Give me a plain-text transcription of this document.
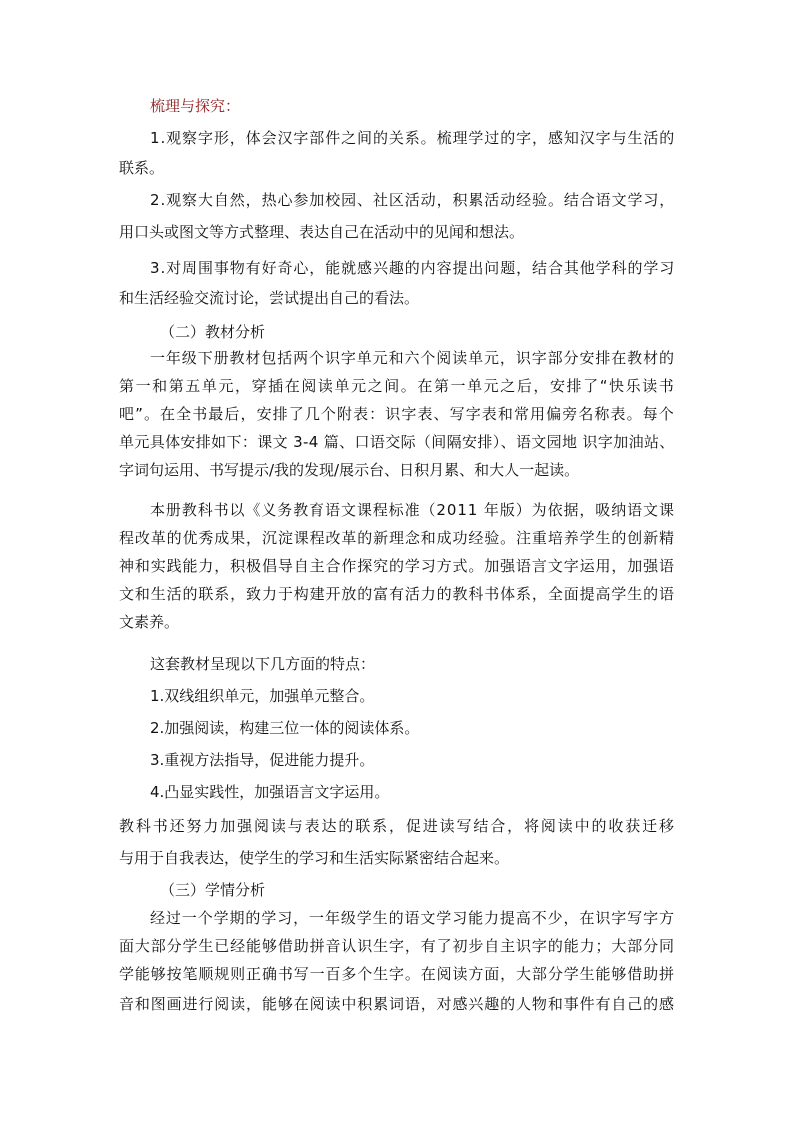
梳理与探究：
1.观察字形，体会汉字部件之间的关系。梳理学过的字，感知汉字与生活的
联系。
2.观察大自然，热心参加校园、社区活动，积累活动经验。结合语文学习，
用口头或图文等方式整理、表达自己在活动中的见闻和想法。
3.对周围事物有好奇心，能就感兴趣的内容提出问题，结合其他学科的学习
和生活经验交流讨论，尝试提出自己的看法。
（二）教材分析
一年级下册教材包括两个识字单元和六个阅读单元，识字部分安排在教材的
第一和第五单元，穿插在阅读单元之间。在第一单元之后，安排了“快乐读书
吧”。在全书最后，安排了几个附表：识字表、写字表和常用偏旁名称表。每个
单元具体安排如下：课文 3-4 篇、口语交际（间隔安排）、语文园地 识字加油站、
字词句运用、书写提示/我的发现/展示台、日积月累、和大人一起读。
本册教科书以《义务教育语文课程标准（2011 年版）为依据，吸纳语文课
程改革的优秀成果，沉淀课程改革的新理念和成功经验。注重培养学生的创新精
神和实践能力，积极倡导自主合作探究的学习方式。加强语言文字运用，加强语
文和生活的联系，致力于构建开放的富有活力的教科书体系，全面提高学生的语
文素养。
这套教材呈现以下几方面的特点：
1.双线组织单元，加强单元整合。
2.加强阅读，构建三位一体的阅读体系。
3.重视方法指导，促进能力提升。
4.凸显实践性，加强语言文字运用。
教科书还努力加强阅读与表达的联系，促进读写结合，将阅读中的收获迁移
与用于自我表达，使学生的学习和生活实际紧密结合起来。
（三）学情分析
经过一个学期的学习，一年级学生的语文学习能力提高不少，在识字写字方
面大部分学生已经能够借助拼音认识生字，有了初步自主识字的能力；大部分同
学能够按笔顺规则正确书写一百多个生字。在阅读方面，大部分学生能够借助拼
音和图画进行阅读，能够在阅读中积累词语，对感兴趣的人物和事件有自己的感
